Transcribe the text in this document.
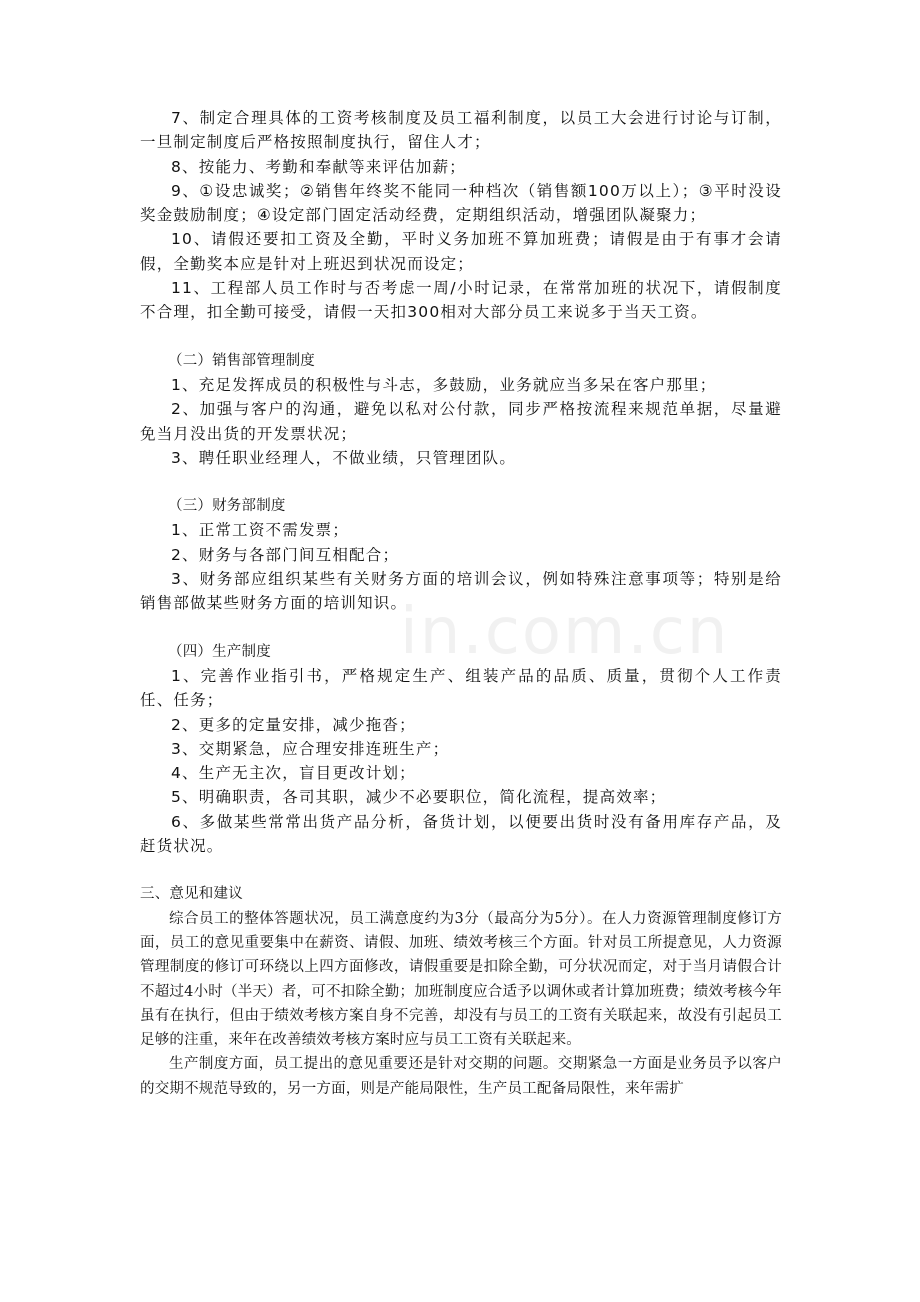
in.com.cn

7、制定合理具体的工资考核制度及员工福利制度，以员工大会进行讨论与订制，一旦制定制度后严格按照制度执行，留住人才；

8、按能力、考勤和奉献等来评估加薪；

9、①设忠诚奖；②销售年终奖不能同一种档次（销售额100万以上）；③平时没设奖金鼓励制度；④设定部门固定活动经费，定期组织活动，增强团队凝聚力；

10、请假还要扣工资及全勤，平时义务加班不算加班费；请假是由于有事才会请假，全勤奖本应是针对上班迟到状况而设定；

11、工程部人员工作时与否考虑一周/小时记录，在常常加班的状况下，请假制度不合理，扣全勤可接受，请假一天扣300相对大部分员工来说多于当天工资。

（二）销售部管理制度

1、充足发挥成员的积极性与斗志，多鼓励，业务就应当多呆在客户那里；

2、加强与客户的沟通，避免以私对公付款，同步严格按流程来规范单据，尽量避免当月没出货的开发票状况；

3、聘任职业经理人，不做业绩，只管理团队。

（三）财务部制度

1、正常工资不需发票；

2、财务与各部门间互相配合；

3、财务部应组织某些有关财务方面的培训会议，例如特殊注意事项等；特别是给销售部做某些财务方面的培训知识。

（四）生产制度

1、完善作业指引书，严格规定生产、组装产品的品质、质量，贯彻个人工作责任、任务；

2、更多的定量安排，减少拖沓；

3、交期紧急，应合理安排连班生产；

4、生产无主次，盲目更改计划；

5、明确职责，各司其职，减少不必要职位，简化流程，提高效率；

6、多做某些常常出货产品分析，备货计划，以便要出货时没有备用库存产品，及赶货状况。

三、意见和建议

综合员工的整体答题状况，员工满意度约为3分（最高分为5分）。在人力资源管理制度修订方面，员工的意见重要集中在薪资、请假、加班、绩效考核三个方面。针对员工所提意见，人力资源管理制度的修订可环绕以上四方面修改，请假重要是扣除全勤，可分状况而定，对于当月请假合计不超过4小时（半天）者，可不扣除全勤；加班制度应合适予以调休或者计算加班费；绩效考核今年虽有在执行，但由于绩效考核方案自身不完善，却没有与员工的工资有关联起来，故没有引起员工足够的注重，来年在改善绩效考核方案时应与员工工资有关联起来。

生产制度方面，员工提出的意见重要还是针对交期的问题。交期紧急一方面是业务员予以客户的交期不规范导致的，另一方面，则是产能局限性，生产员工配备局限性，来年需扩
